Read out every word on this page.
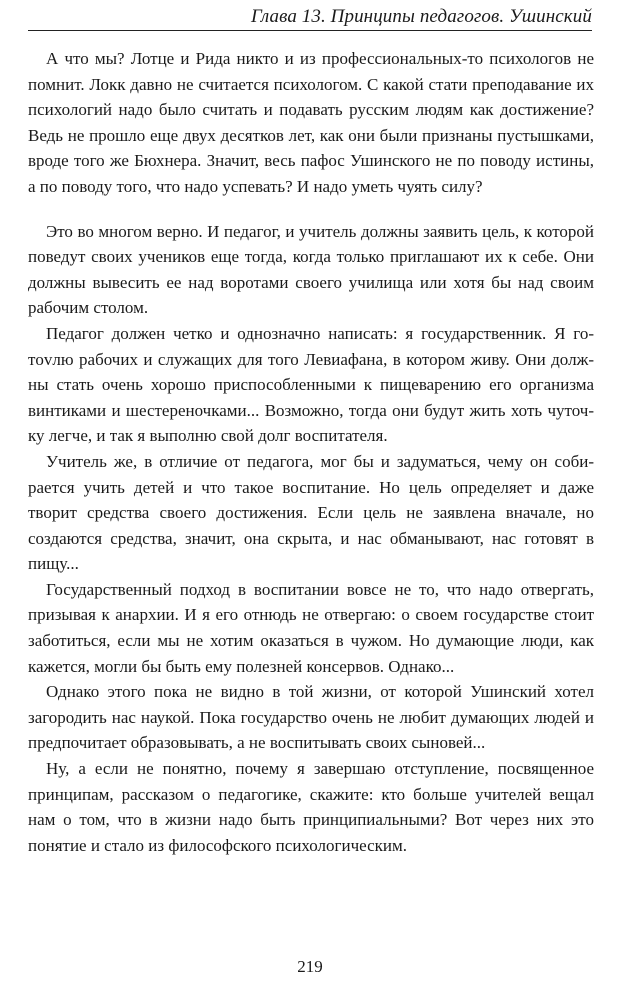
Глава 13. Принципы педагогов. Ушинский

А что мы? Лотце и Рида никто и из профессиональных-то психологов не помнит. Локк давно не считается психологом. С какой стати преподавание их психологий надо было считать и подавать русским людям как достижение? Ведь не прошло еще двух десятков лет, как они были признаны пустышками, вроде того же Бюхнера. Значит, весь пафос Ушинского не по поводу истины, а по поводу того, что надо успевать? И надо уметь чуять силу?

Это во многом верно. И педагог, и учитель должны заявить цель, к которой поведут своих учеников еще тогда, когда только приглашают их к себе. Они должны вывесить ее над воротами своего училища или хотя бы над своим рабочим столом.

Педагог должен четко и однозначно написать: я государственник. Я готovлю рабочих и служащих для того Левиафана, в котором живу. Они должны стать очень хорошо приспособленными к пищеварению его организма винтиками и шестереночками... Возможно, тогда они будут жить хоть чуточку легче, и так я выполню свой долг воспитателя.

Учитель же, в отличие от педагога, мог бы и задуматься, чему он собирается учить детей и что такое воспитание. Но цель определяет и даже творит средства своего достижения. Если цель не заявлена вначале, но создаются средства, значит, она скрыта, и нас обманывают, нас готовят в пищу...

Государственный подход в воспитании вовсе не то, что надо отвергать, призывая к анархии. И я его отнюдь не отвергаю: о своем государстве стоит заботиться, если мы не хотим оказаться в чужом. Но думающие люди, как кажется, могли бы быть ему полезней консервов. Однако...

Однако этого пока не видно в той жизни, от которой Ушинский хотел загородить нас наукой. Пока государство очень не любит думающих людей и предпочитает образовывать, а не воспитывать своих сыновей...

Ну, а если не понятно, почему я завершаю отступление, посвященное принципам, рассказом о педагогике, скажите: кто больше учителей вещал нам о том, что в жизни надо быть принципиальными? Вот через них это понятие и стало из философского психологическим.

219
